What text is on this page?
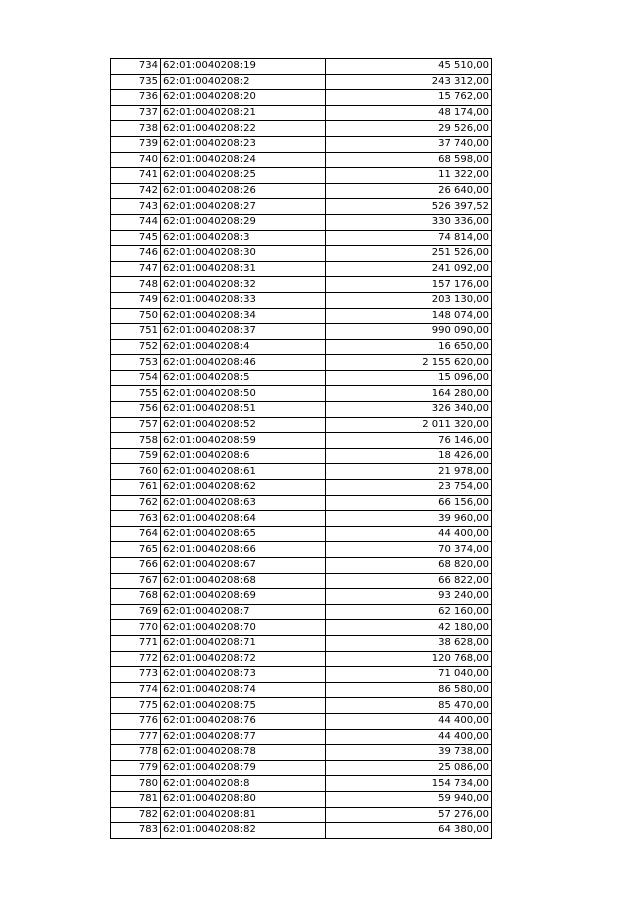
734	62:01:0040208:19	45 510,00
735	62:01:0040208:2	243 312,00
736	62:01:0040208:20	15 762,00
737	62:01:0040208:21	48 174,00
738	62:01:0040208:22	29 526,00
739	62:01:0040208:23	37 740,00
740	62:01:0040208:24	68 598,00
741	62:01:0040208:25	11 322,00
742	62:01:0040208:26	26 640,00
743	62:01:0040208:27	526 397,52
744	62:01:0040208:29	330 336,00
745	62:01:0040208:3	74 814,00
746	62:01:0040208:30	251 526,00
747	62:01:0040208:31	241 092,00
748	62:01:0040208:32	157 176,00
749	62:01:0040208:33	203 130,00
750	62:01:0040208:34	148 074,00
751	62:01:0040208:37	990 090,00
752	62:01:0040208:4	16 650,00
753	62:01:0040208:46	2 155 620,00
754	62:01:0040208:5	15 096,00
755	62:01:0040208:50	164 280,00
756	62:01:0040208:51	326 340,00
757	62:01:0040208:52	2 011 320,00
758	62:01:0040208:59	76 146,00
759	62:01:0040208:6	18 426,00
760	62:01:0040208:61	21 978,00
761	62:01:0040208:62	23 754,00
762	62:01:0040208:63	66 156,00
763	62:01:0040208:64	39 960,00
764	62:01:0040208:65	44 400,00
765	62:01:0040208:66	70 374,00
766	62:01:0040208:67	68 820,00
767	62:01:0040208:68	66 822,00
768	62:01:0040208:69	93 240,00
769	62:01:0040208:7	62 160,00
770	62:01:0040208:70	42 180,00
771	62:01:0040208:71	38 628,00
772	62:01:0040208:72	120 768,00
773	62:01:0040208:73	71 040,00
774	62:01:0040208:74	86 580,00
775	62:01:0040208:75	85 470,00
776	62:01:0040208:76	44 400,00
777	62:01:0040208:77	44 400,00
778	62:01:0040208:78	39 738,00
779	62:01:0040208:79	25 086,00
780	62:01:0040208:8	154 734,00
781	62:01:0040208:80	59 940,00
782	62:01:0040208:81	57 276,00
783	62:01:0040208:82	64 380,00
